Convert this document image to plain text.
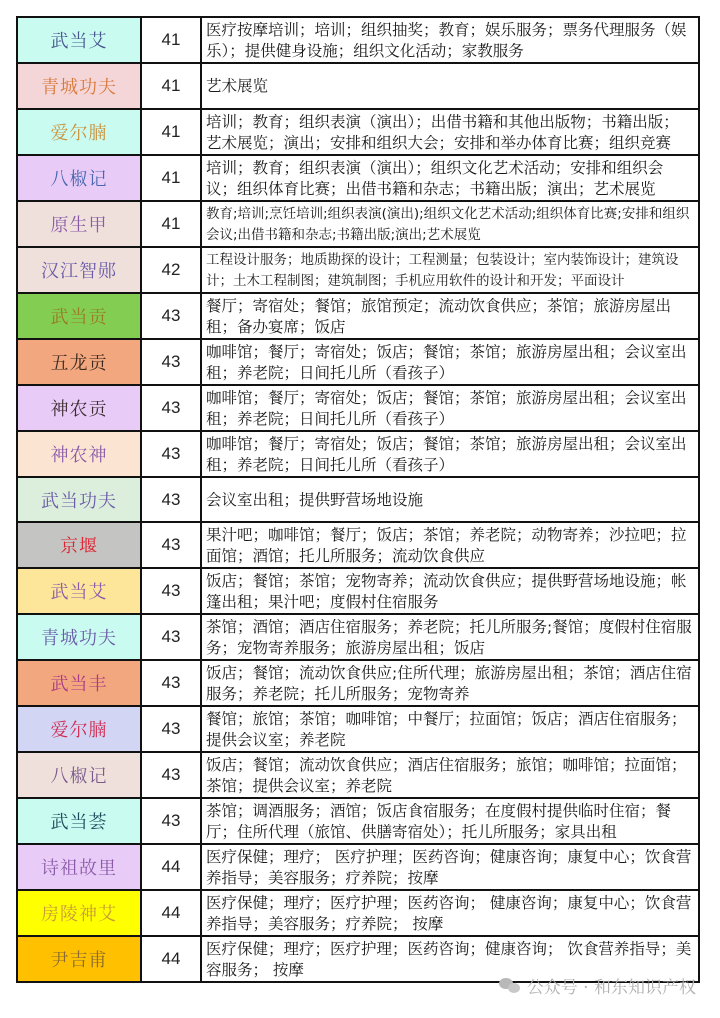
武当艾	41	医疗按摩培训；培训；组织抽奖；教育；娱乐服务；票务代理服务（娱乐）；提供健身设施；组织文化活动；家教服务

青城功夫	41	艺术展览

爱尔腩	41	培训；教育；组织表演（演出）；出借书籍和其他出版物；书籍出版；艺术展览；演出；安排和组织大会；安排和举办体育比赛；组织竞赛

八椒记	41	培训；教育；组织表演（演出）；组织文化艺术活动；安排和组织会议；组织体育比赛；出借书籍和杂志；书籍出版；演出；艺术展览

原生甲	41	教育;培训;烹饪培训;组织表演(演出);组织文化艺术活动;组织体育比赛;安排和组织会议;出借书籍和杂志;书籍出版;演出;艺术展览

汉江智郧	42	工程设计服务；地质勘探的设计；工程测量；包装设计；室内装饰设计；建筑设计；土木工程制图；建筑制图；手机应用软件的设计和开发；平面设计

武当贡	43	餐厅；寄宿处；餐馆；旅馆预定；流动饮食供应；茶馆；旅游房屋出租；备办宴席；饭店

五龙贡	43	咖啡馆；餐厅；寄宿处；饭店；餐馆；茶馆；旅游房屋出租；会议室出租；养老院；日间托儿所（看孩子）

神农贡	43	咖啡馆；餐厅；寄宿处；饭店；餐馆；茶馆；旅游房屋出租；会议室出租；养老院；日间托儿所（看孩子）

神农神	43	咖啡馆；餐厅；寄宿处；饭店；餐馆；茶馆；旅游房屋出租；会议室出租；养老院；日间托儿所（看孩子）

武当功夫	43	会议室出租；提供野营场地设施

京堰	43	果汁吧；咖啡馆；餐厅；饭店；茶馆；养老院；动物寄养；沙拉吧；拉面馆；酒馆；托儿所服务；流动饮食供应

武当艾	43	饭店；餐馆；茶馆；宠物寄养；流动饮食供应；提供野营场地设施；帐篷出租；果汁吧；度假村住宿服务

青城功夫	43	茶馆；酒馆；酒店住宿服务；养老院；托儿所服务;餐馆；度假村住宿服务；宠物寄养服务；旅游房屋出租；饭店

武当丰	43	饭店；餐馆；流动饮食供应;住所代理；旅游房屋出租；茶馆；酒店住宿服务；养老院；托儿所服务；宠物寄养

爱尔腩	43	餐馆；旅馆；茶馆；咖啡馆；中餐厅；拉面馆；饭店；酒店住宿服务；提供会议室；养老院

八椒记	43	饭店；餐馆；流动饮食供应；酒店住宿服务；旅馆；咖啡馆；拉面馆；茶馆；提供会议室；养老院

武当荟	43	茶馆；调酒服务；酒馆；饭店食宿服务；在度假村提供临时住宿；餐厅；住所代理（旅馆、供膳寄宿处）；托儿所服务；家具出租

诗祖故里	44	医疗保健；理疗； 医疗护理；医药咨询；健康咨询；康复中心；饮食营养指导；美容服务；疗养院；按摩

房陵神艾	44	医疗保健；理疗；医疗护理；医药咨询； 健康咨询；康复中心；饮食营养指导；美容服务；疗养院； 按摩

尹吉甫	44	医疗保健；理疗；医疗护理；医药咨询；健康咨询； 饮食营养指导；美容服务； 按摩
公众号 · 和东知识产权
